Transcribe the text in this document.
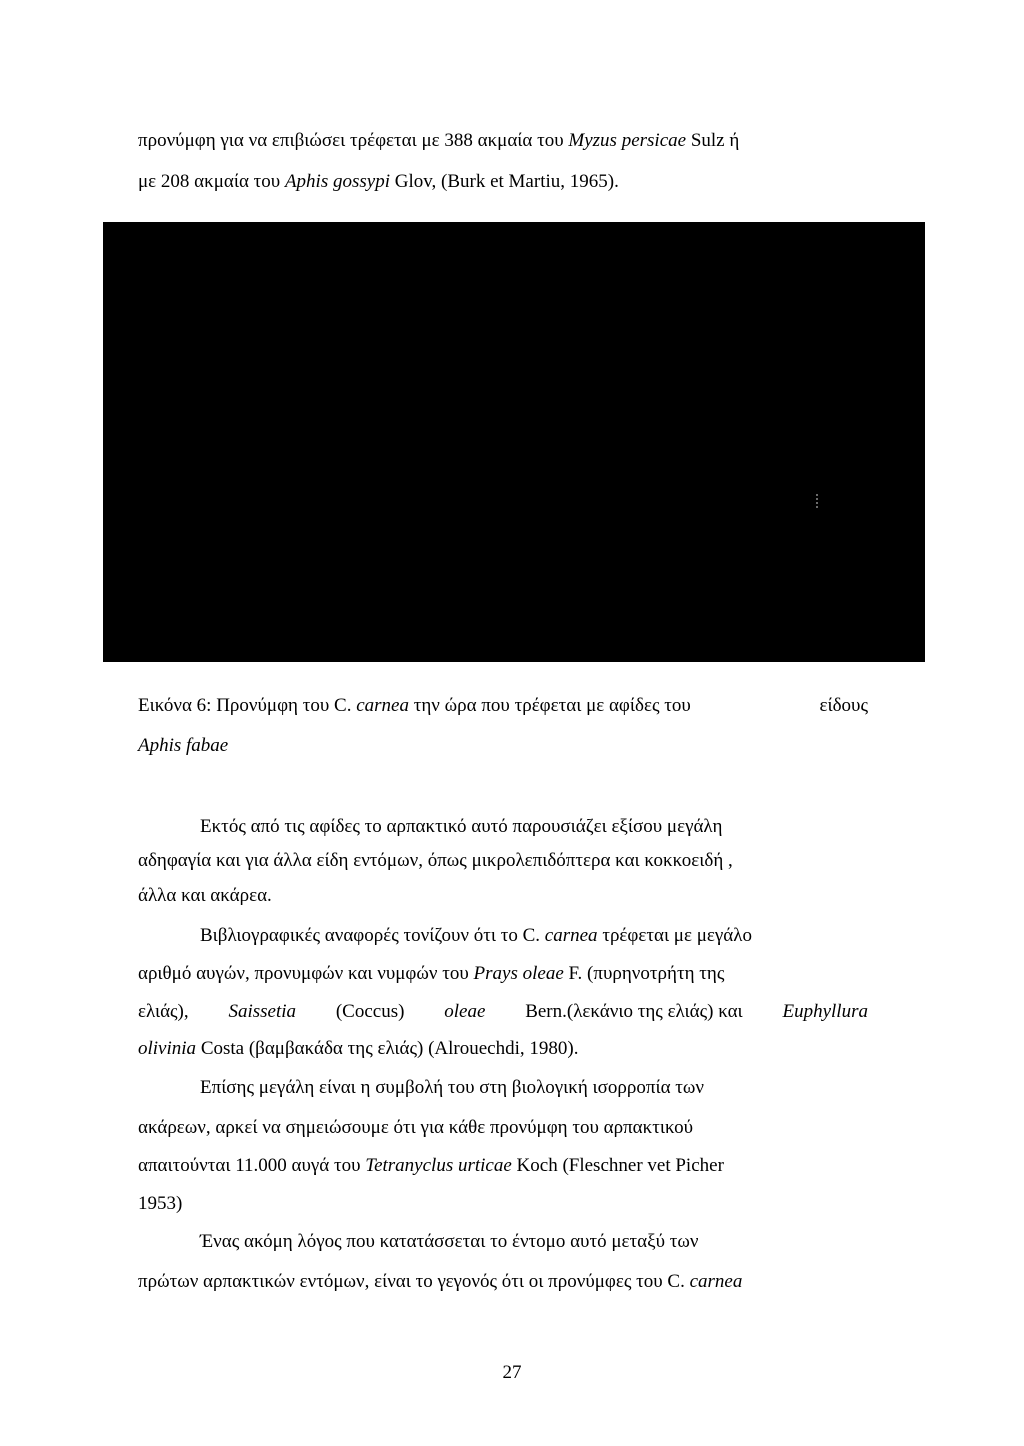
προνύμφη για να επιβιώσει τρέφεται με 388 ακμαία του Myzus persicae Sulz ή
με 208 ακμαία του Aphis gossypi Glov, (Burk et Martiu, 1965).
Εικόνα 6: Προνύμφη του C. carnea την ώρα που τρέφεται με αφίδες του	είδους
Aphis fabae
Εκτός από τις αφίδες το αρπακτικό αυτό παρουσιάζει εξίσου μεγάλη
αδηφαγία και για άλλα είδη εντόμων, όπως μικρολεπιδόπτερα και κοκκοειδή ,
άλλα και ακάρεα.
Βιβλιογραφικές αναφορές τονίζουν ότι το C. carnea τρέφεται με μεγάλο
αριθμό αυγών, προνυμφών και νυμφών του Prays oleae F. (πυρηνοτρήτη της
ελιάς), Saissetia (Coccus) oleae Bern.(λεκάνιο της ελιάς) και Euphyllura
olivinia Costa (βαμβακάδα της ελιάς) (Alrouechdi, 1980).
Επίσης μεγάλη είναι η συμβολή του στη βιολογική ισορροπία των
ακάρεων, αρκεί να σημειώσουμε ότι για κάθε προνύμφη του αρπακτικού
απαιτούνται 11.000 αυγά του Tetranyclus urticae Koch (Fleschner vet Picher
1953)
Ένας ακόμη λόγος που κατατάσσεται το έντομο αυτό μεταξύ των
πρώτων αρπακτικών εντόμων, είναι το γεγονός ότι οι προνύμφες του C. carnea
27
